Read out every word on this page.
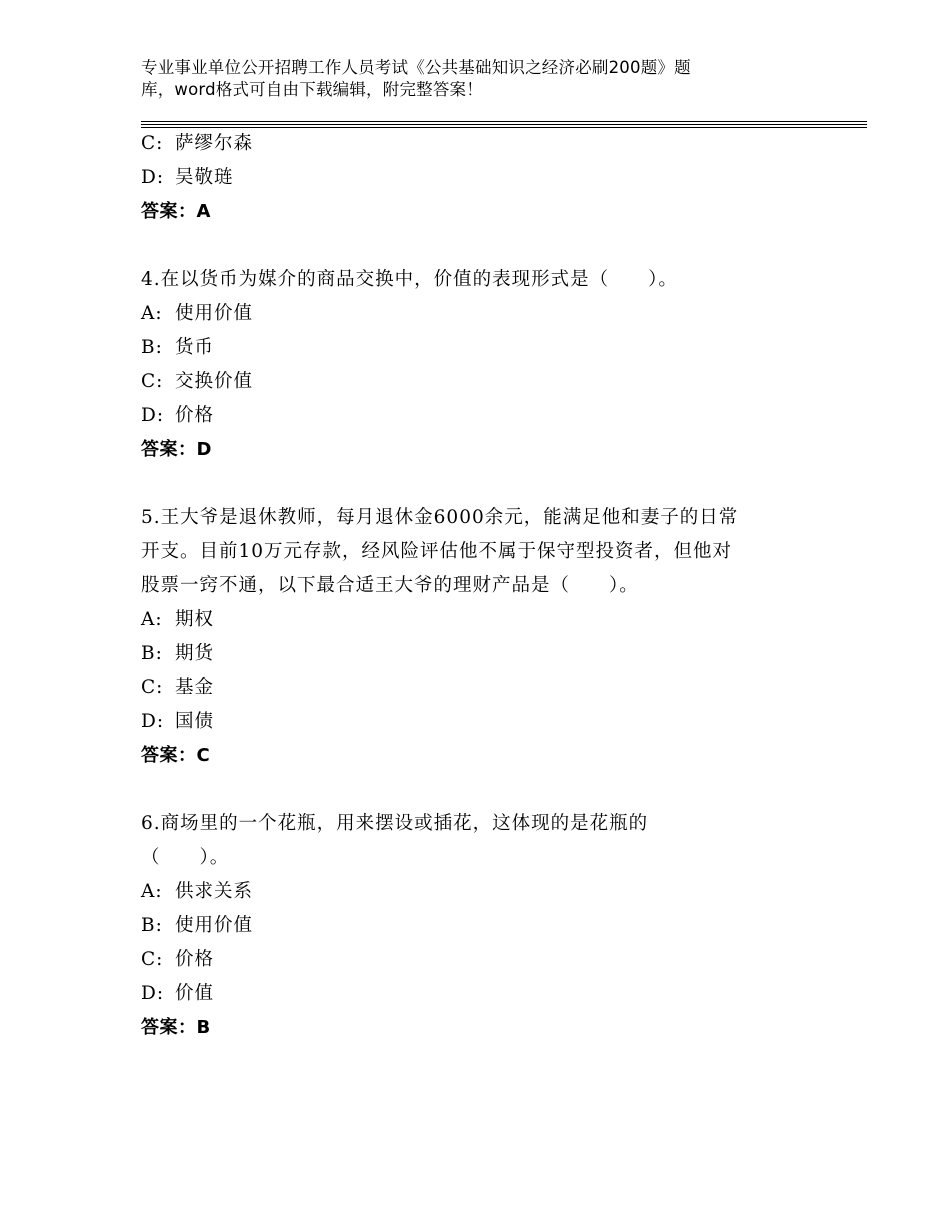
专业事业单位公开招聘工作人员考试《公共基础知识之经济必刷200题》题
库，word格式可自由下载编辑，附完整答案！
C: 萨缪尔森
D: 吴敬琏
答案：A
4.在以货币为媒介的商品交换中，价值的表现形式是（　　）。
A: 使用价值
B: 货币
C: 交换价值
D: 价格
答案：D
5.王大爷是退休教师，每月退休金6000余元，能满足他和妻子的日常
开支。目前10万元存款，经风险评估他不属于保守型投资者，但他对
股票一窍不通，以下最合适王大爷的理财产品是（　　）。
A: 期权
B: 期货
C: 基金
D: 国债
答案：C
6.商场里的一个花瓶，用来摆设或插花，这体现的是花瓶的
（　　）。
A: 供求关系
B: 使用价值
C: 价格
D: 价值
答案：B
